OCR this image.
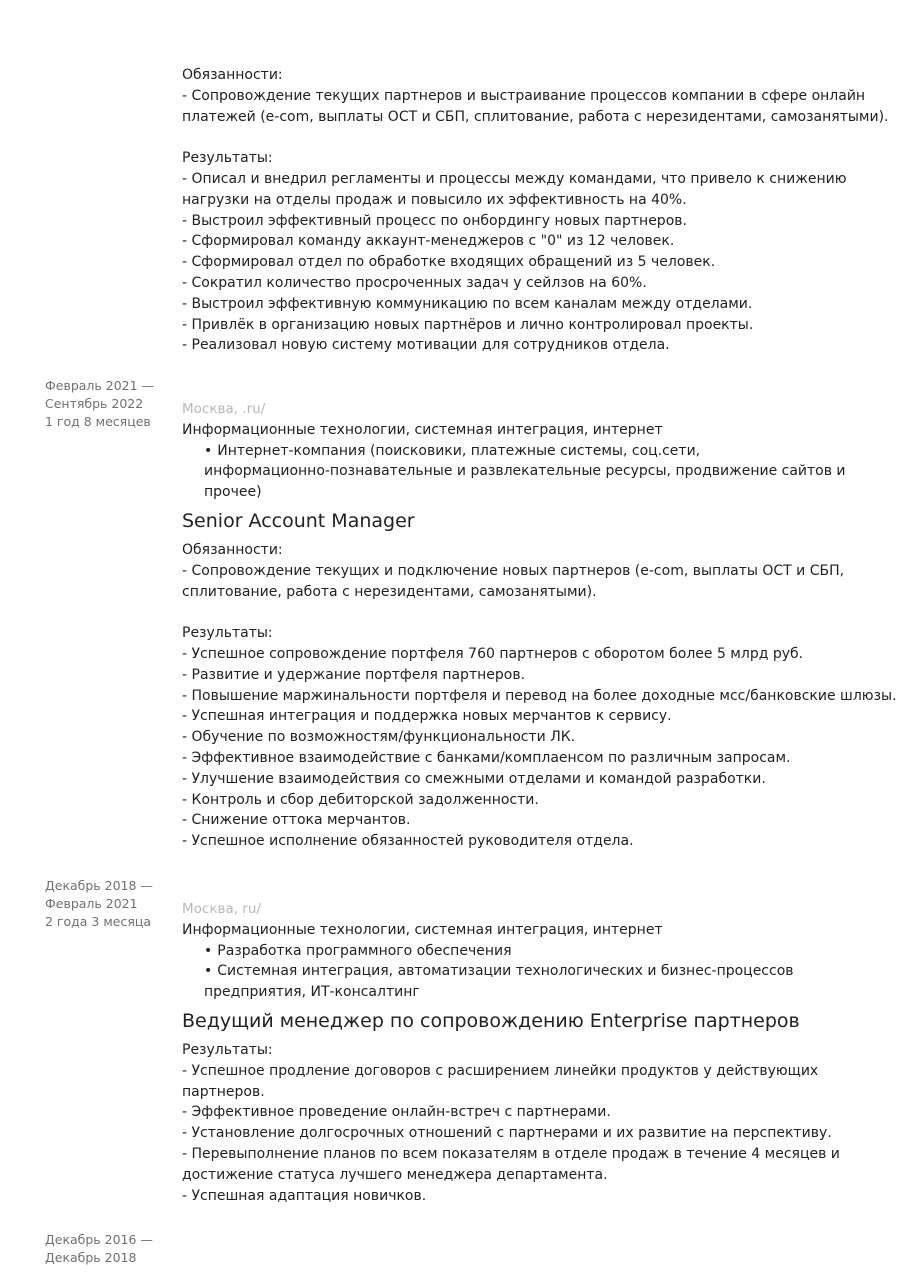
Обязанности:
- Сопровождение текущих партнеров и выстраивание процессов компании в сфере онлайн
платежей (e-com, выплаты ОСТ и СБП, сплитование, работа с нерезидентами, самозанятыми).
Результаты:
- Описал и внедрил регламенты и процессы между командами, что привело к снижению
нагрузки на отделы продаж и повысило их эффективность на 40%.
- Выстроил эффективный процесс по онбордингу новых партнеров.
- Сформировал команду аккаунт-менеджеров с "0" из 12 человек.
- Сформировал отдел по обработке входящих обращений из 5 человек.
- Сократил количество просроченных задач у сейлзов на 60%.
- Выстроил эффективную коммуникацию по всем каналам между отделами.
- Привлёк в организацию новых партнёров и лично контролировал проекты.
- Реализовал новую систему мотивации для сотрудников отдела.
Февраль 2021 —
Сентябрь 2022
1 год 8 месяцев
Москва, .ru/
Информационные технологии, системная интеграция, интернет
• Интернет-компания (поисковики, платежные системы, соц.сети,
информационно-познавательные и развлекательные ресурсы, продвижение сайтов и
прочее)
Senior Account Manager
Обязанности:
- Сопровождение текущих и подключение новых партнеров (e-com, выплаты ОСТ и СБП,
сплитование, работа с нерезидентами, самозанятыми).
Результаты:
- Успешное сопровождение портфеля 760 партнеров с оборотом более 5 млрд руб.
- Развитие и удержание портфеля партнеров.
- Повышение маржинальности портфеля и перевод на более доходные мсс/банковские шлюзы.
- Успешная интеграция и поддержка новых мерчантов к сервису.
- Обучение по возможностям/функциональности ЛК.
- Эффективное взаимодействие с банками/комплаенсом по различным запросам.
- Улучшение взаимодействия со смежными отделами и командой разработки.
- Контроль и сбор дебиторской задолженности.
- Снижение оттока мерчантов.
- Успешное исполнение обязанностей руководителя отдела.
Декабрь 2018 —
Февраль 2021
2 года 3 месяца
Москва, ru/
Информационные технологии, системная интеграция, интернет
• Разработка программного обеспечения
• Системная интеграция, автоматизации технологических и бизнес-процессов
предприятия, ИТ-консалтинг
Ведущий менеджер по сопровождению Enterprise партнеров
Результаты:
- Успешное продление договоров с расширением линейки продуктов у действующих
партнеров.
- Эффективное проведение онлайн-встреч с партнерами.
- Установление долгосрочных отношений с партнерами и их развитие на перспективу.
- Перевыполнение планов по всем показателям в отделе продаж в течение 4 месяцев и
достижение статуса лучшего менеджера департамента.
- Успешная адаптация новичков.
Декабрь 2016 —
Декабрь 2018
